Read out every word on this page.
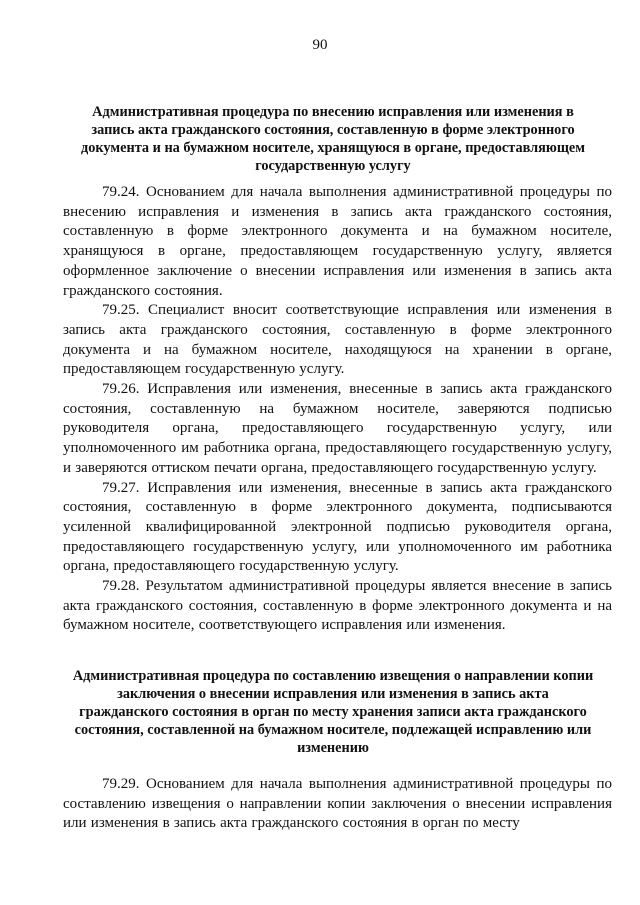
90
Административная процедура по внесению исправления или изменения в запись акта гражданского состояния, составленную в форме электронного документа и на бумажном носителе, хранящуюся в органе, предоставляющем государственную услугу

79.24. Основанием для начала выполнения административной процедуры по внесению исправления и изменения в запись акта гражданского состояния, составленную в форме электронного документа и на бумажном носителе, хранящуюся в органе, предоставляющем государственную услугу, является оформленное заключение о внесении исправления или изменения в запись акта гражданского состояния.

79.25. Специалист вносит соответствующие исправления или изменения в запись акта гражданского состояния, составленную в форме электронного документа и на бумажном носителе, находящуюся на хранении в органе, предоставляющем государственную услугу.

79.26. Исправления или изменения, внесенные в запись акта гражданского состояния, составленную на бумажном носителе, заверяются подписью руководителя органа, предоставляющего государственную услугу, или уполномоченного им работника органа, предоставляющего государственную услугу, и заверяются оттиском печати органа, предоставляющего государственную услугу.

79.27. Исправления или изменения, внесенные в запись акта гражданского состояния, составленную в форме электронного документа, подписываются усиленной квалифицированной электронной подписью руководителя органа, предоставляющего государственную услугу, или уполномоченного им работника органа, предоставляющего государственную услугу.

79.28. Результатом административной процедуры является внесение в запись акта гражданского состояния, составленную в форме электронного документа и на бумажном носителе, соответствующего исправления или изменения.

Административная процедура по составлению извещения о направлении копии заключения о внесении исправления или изменения в запись акта гражданского состояния в орган по месту хранения записи акта гражданского состояния, составленной на бумажном носителе, подлежащей исправлению или изменению

79.29. Основанием для начала выполнения административной процедуры по составлению извещения о направлении копии заключения о внесении исправления или изменения в запись акта гражданского состояния в орган по месту
